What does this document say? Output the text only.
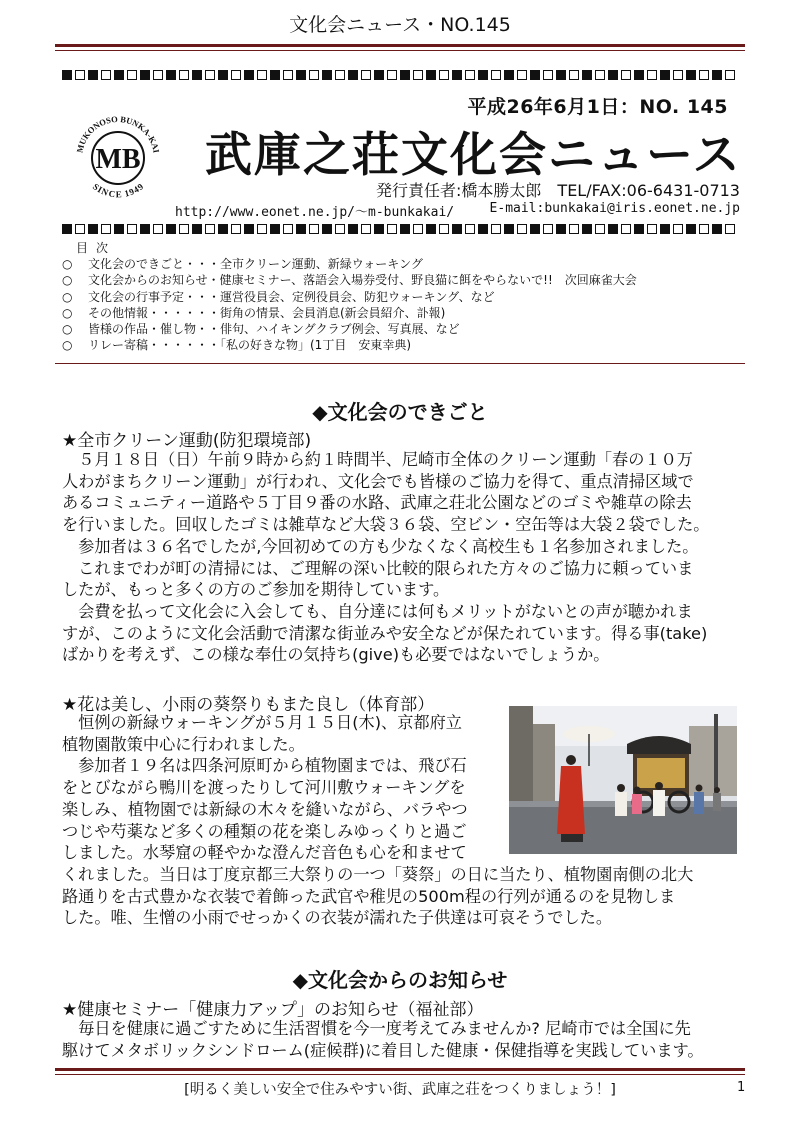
文化会ニュース・NO.145
平成26年6月1日：NO. 145
MB
MUKONOSO BUNKA-KAI
SINCE 1949
武庫之荘文化会ニュース
発行責任者:橋本勝太郎　TEL/FAX:06-6431-0713
http://www.eonet.ne.jp/～m-bunkakai/	E-mail:bunkakai@iris.eonet.ne.jp
目次
○ 文化会のできごと・・・全市クリーン運動、新緑ウォーキング
○ 文化会からのお知らせ・健康セミナー、落語会入場券受付、野良猫に餌をやらないで!!　次回麻雀大会
○ 文化会の行事予定・・・運営役員会、定例役員会、防犯ウォーキング、など
○ その他情報・・・・・・街角の情景、会員消息(新会員紹介、訃報)
○ 皆様の作品・催し物・・俳句、ハイキングクラブ例会、写真展、など
○ リレー寄稿・・・・・・「私の好きな物」(1丁目　安東幸典)
◆文化会のできごと
★全市クリーン運動(防犯環境部)

　５月１８日（日）午前９時から約１時間半、尼崎市全体のクリーン運動「春の１０万

人わがまちクリーン運動」が行われ、文化会でも皆様のご協力を得て、重点清掃区域で

あるコミュニティー道路や５丁目９番の水路、武庫之荘北公園などのゴミや雑草の除去

を行いました。回収したゴミは雑草など大袋３６袋、空ビン・空缶等は大袋２袋でした。

　参加者は３６名でしたが,今回初めての方も少なくなく高校生も１名参加されました。

　これまでわが町の清掃には、ご理解の深い比較的限られた方々のご協力に頼っていま

したが、もっと多くの方のご参加を期待しています。

　会費を払って文化会に入会しても、自分達には何もメリットがないとの声が聴かれま

すが、このように文化会活動で清潔な街並みや安全などが保たれています。得る事(take)

ばかりを考えず、この様な奉仕の気持ち(give)も必要ではないでしょうか。

★花は美し、小雨の葵祭りもまた良し（体育部）

　恒例の新緑ウォーキングが５月１５日(木)、京都府立

植物園散策中心に行われました。

　参加者１９名は四条河原町から植物園までは、飛び石

をとびながら鴨川を渡ったりして河川敷ウォーキングを

楽しみ、植物園では新緑の木々を縫いながら、バラやつ

つじや芍薬など多くの種類の花を楽しみゆっくりと過ご

しました。水琴窟の軽やかな澄んだ音色も心を和ませて

くれました。当日は丁度京都三大祭りの一つ「葵祭」の日に当たり、植物園南側の北大

路通りを古式豊かな衣装で着飾った武官や稚児の500m程の行列が通るのを見物しま

した。唯、生憎の小雨でせっかくの衣装が濡れた子供達は可哀そうでした。

◆文化会からのお知らせ
★健康セミナー「健康力アップ」のお知らせ（福祉部）

　毎日を健康に過ごすために生活習慣を今一度考えてみませんか? 尼崎市では全国に先

駆けてメタボリックシンドローム(症候群)に着目した健康・保健指導を実践しています。

[明るく美しい安全で住みやすい街、武庫之荘をつくりましょう！]	1
